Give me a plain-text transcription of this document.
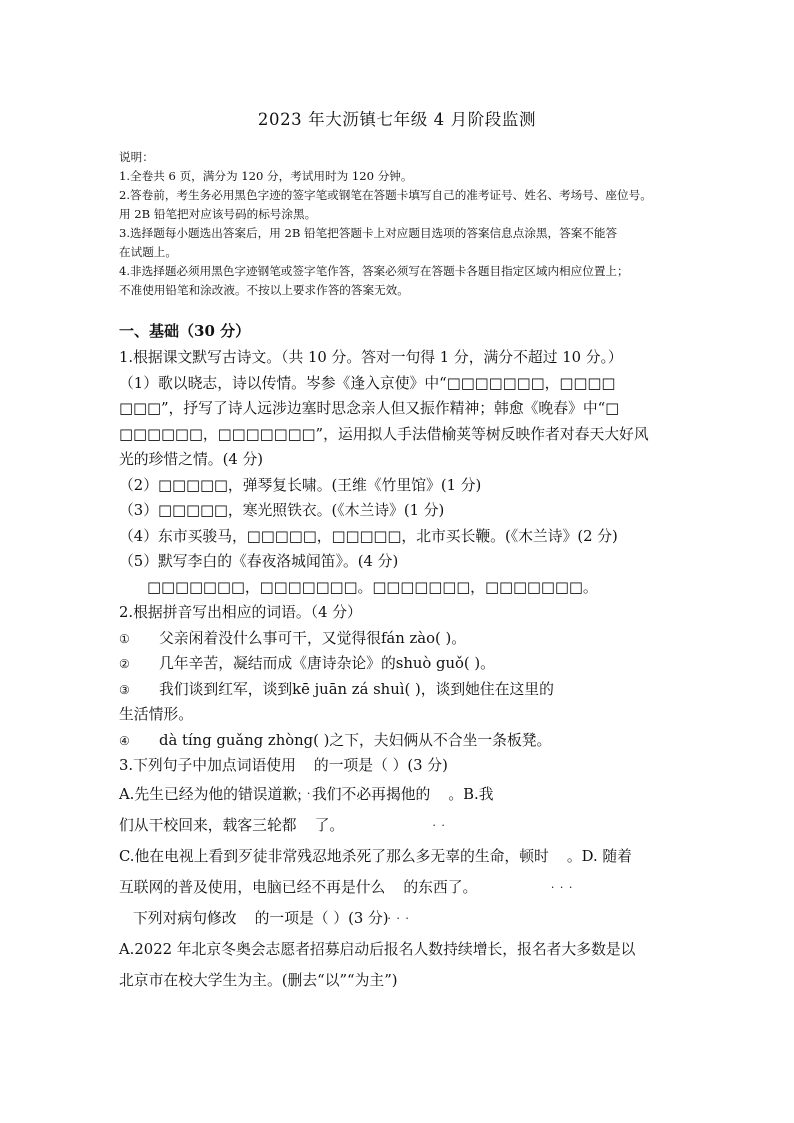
2023 年大沥镇七年级 4 月阶段监测
说明：
1.全卷共 6 页，满分为 120 分，考试用时为 120 分钟。
2.答卷前，考生务必用黑色字迹的签字笔或钢笔在答题卡填写自己的准考证号、姓名、考场号、座位号。
用 2B 铅笔把对应该号码的标号涂黑。
3.选择题每小题选出答案后，用 2B 铅笔把答题卡上对应题目选项的答案信息点涂黑，答案不能答
在试题上。
4.非选择题必须用黑色字迹钢笔或签字笔作答，答案必须写在答题卡各题目指定区域内相应位置上；
不准使用铅笔和涂改液。不按以上要求作答的答案无效。
一、基础（30 分）
1.根据课文默写古诗文。（共 10 分。答对一句得 1 分，满分不超过 10 分。）
（1）歌以晓志，诗以传情。岑参《逢入京使》中“□□□□□□□，□□□□
□□□”，抒写了诗人远涉边塞时思念亲人但又振作精神；韩愈《晚春》中“□
□□□□□□，□□□□□□□”，运用拟人手法借榆荚等树反映作者对春天大好风
光的珍惜之情。(4 分)
（2）□□□□□，弹琴复长啸。(王维《竹里馆》(1 分)
（3）□□□□□，寒光照铁衣。(《木兰诗》(1 分)
（4）东市买骏马，□□□□□，□□□□□，北市买长鞭。(《木兰诗》(2 分)
（5）默写李白的《春夜洛城闻笛》。(4 分)
□□□□□□□，□□□□□□□。□□□□□□□，□□□□□□□。
2.根据拼音写出相应的词语。（4 分）
① 父亲闲着没什么事可干，又觉得很fán zào( )。
② 几年辛苦，凝结而成《唐诗杂论》的shuò guǒ( )。
③ 我们谈到红军，谈到kē juān zá shuì( )，谈到她住在这里的
生活情形。
④ dà tíng guǎng zhòng( )之下，夫妇俩从不合坐一条板凳。
3.下列句子中加点词语使用 的一项是（ ）(3 分)
A.先生已经为他的错误道歉，我们不必再揭他的 。B.我
们从干校回来，载客三轮都 了。
C.他在电视上看到歹徒非常残忍地杀死了那么多无辜的生命，顿时 。D. 随着
互联网的普及使用，电脑已经不再是什么 的东西了。
下列对病句修改 的一项是（ ）(3 分)
A.2022 年北京冬奥会志愿者招募启动后报名人数持续增长，报名者大多数是以
北京市在校大学生为主。(删去“以”“为主”)
